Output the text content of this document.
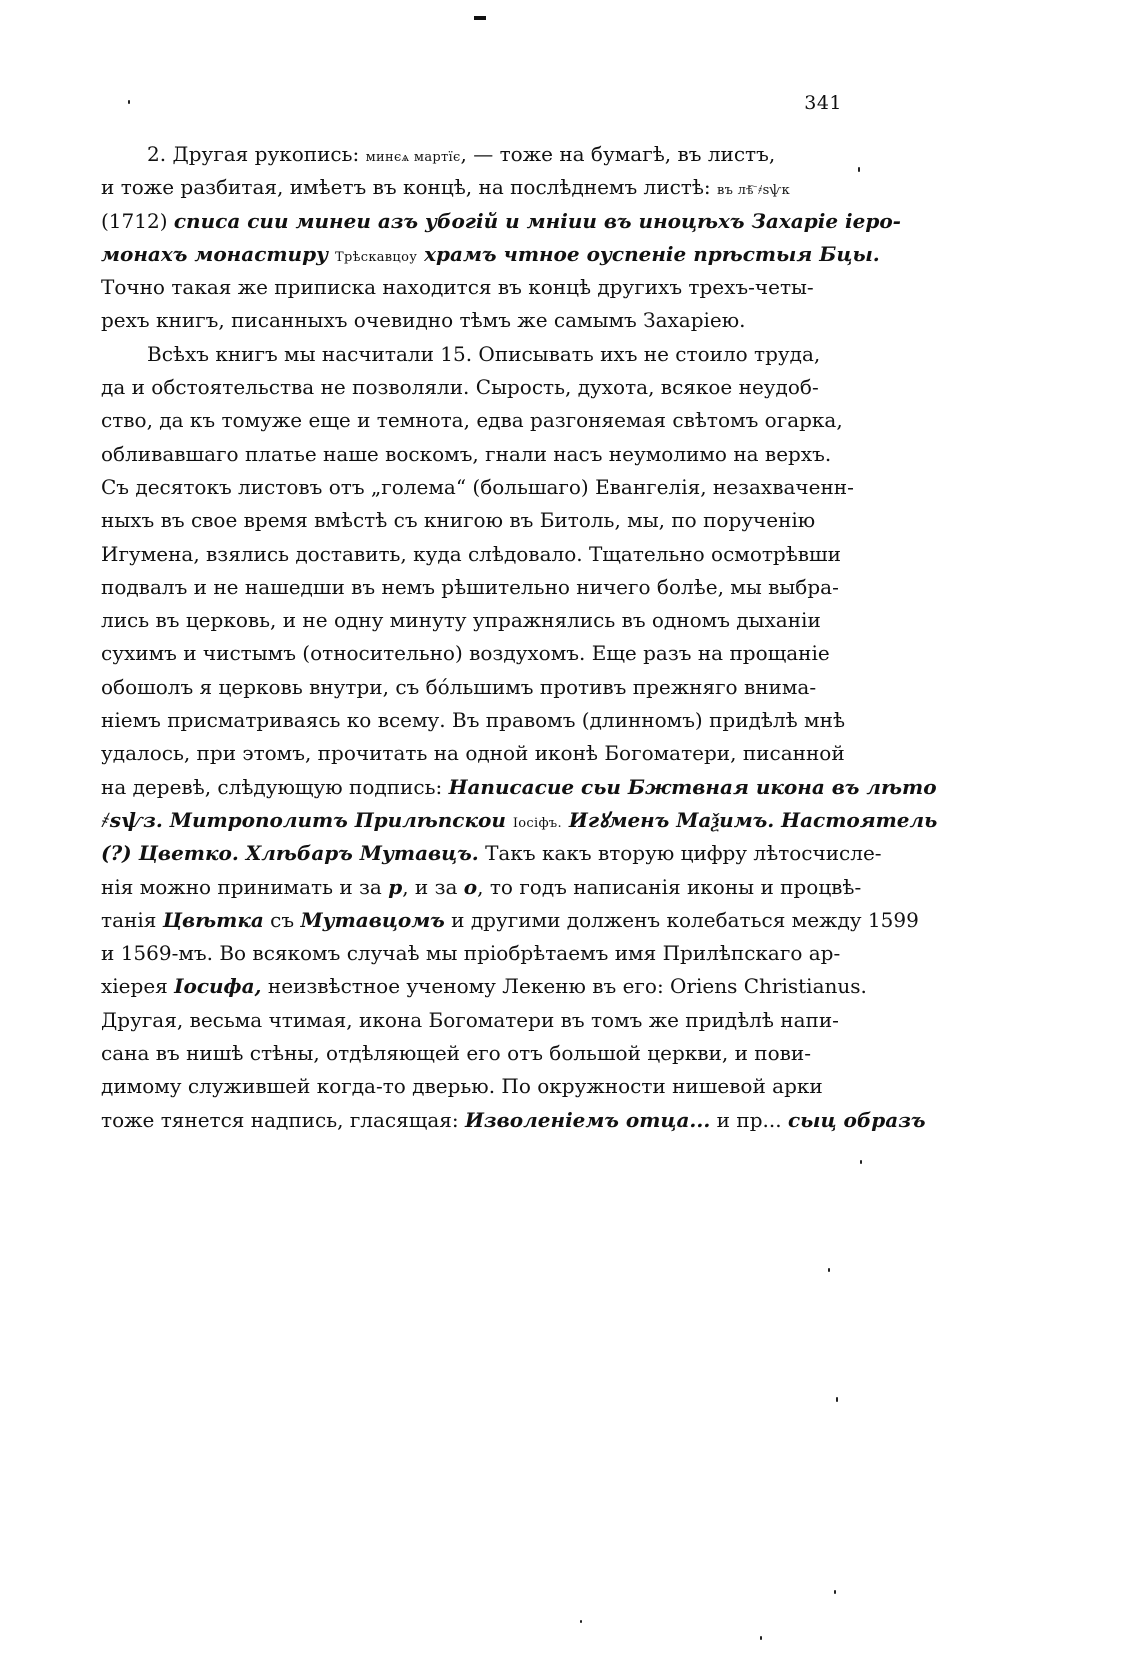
341
2. Другая рукопись: минєѧ мартїє, — тоже на бумагѣ, въ листъ,
и тоже разбитая, имѣетъ въ концѣ, на послѣднемъ листѣ: въ лѣ҇ ҂ѕѱк
(1712) списа сии минеи азъ убогій и мнiии въ иноцѣхъ Захаріе іеро-
монахъ монастиру Трѣскавцоу храмъ чтное оуспеніе прѣстыя Бцы.
Точно такая же приписка находится въ концѣ другихъ трехъ-четы-
рехъ книгъ, писанныхъ очевидно тѣмъ же самымъ Захаріею.
Всѣхъ книгъ мы насчитали 15. Описывать ихъ не стоило труда,
да и обстоятельства не позволяли. Сырость, духота, всякое неудоб-
ство, да къ томуже еще и темнота, едва разгоняемая свѣтомъ огарка,
обливавшаго платье наше воскомъ, гнали насъ неумолимо на верхъ.
Съ десятокъ листовъ отъ „голема“ (большаго) Евангелія, незахваченн-
ныхъ въ свое время вмѣстѣ съ книгою въ Битоль, мы, по порученію
Игумена, взялись доставить, куда слѣдовало. Тщательно осмотрѣвши
подвалъ и не нашедши въ немъ рѣшительно ничего болѣе, мы выбра-
лись въ церковь, и не одну минуту упражнялись въ одномъ дыханіи
сухимъ и чистымъ (относительно) воздухомъ. Еще разъ на прощаніе
обошолъ я церковь внутри, съ бóльшимъ противъ прежняго внима-
ніемъ присматриваясь ко всему. Въ правомъ (длинномъ) придѣлѣ мнѣ
удалось, при этомъ, прочитать на одной иконѣ Богоматери, писанной
на деревѣ, слѣдующую подпись: Написасие сьи Бжтвная икона въ лѣто
҂ѕѱз. Митрополитъ Прилѣпскои Іосіфъ. Игꙋменъ Маѯимъ. Настоятель
(?) Цветко. Хлѣбаръ Мутавцъ. Такъ какъ вторую цифру лѣтосчисле-
нія можно принимать и за р, и за о, то годъ написанія иконы и процвѣ-
танія Цвѣтка съ Мутавцомъ и другими долженъ колебаться между 1599
и 1569-мъ. Во всякомъ случаѣ мы пріобрѣтаемъ имя Прилѣпскаго ар-
хіерея Іосифа, неизвѣстное ученому Лекеню въ его: Oriens Christianus.
Другая, весьма чтимая, икона Богоматери въ томъ же придѣлѣ напи-
сана въ нишѣ стѣны, отдѣляющей его отъ большой церкви, и пови-
димому служившей когда-то дверью. По окружности нишевой арки
тоже тянется надпись, гласящая: Изволеніемъ отца... и пр... сыц образъ
